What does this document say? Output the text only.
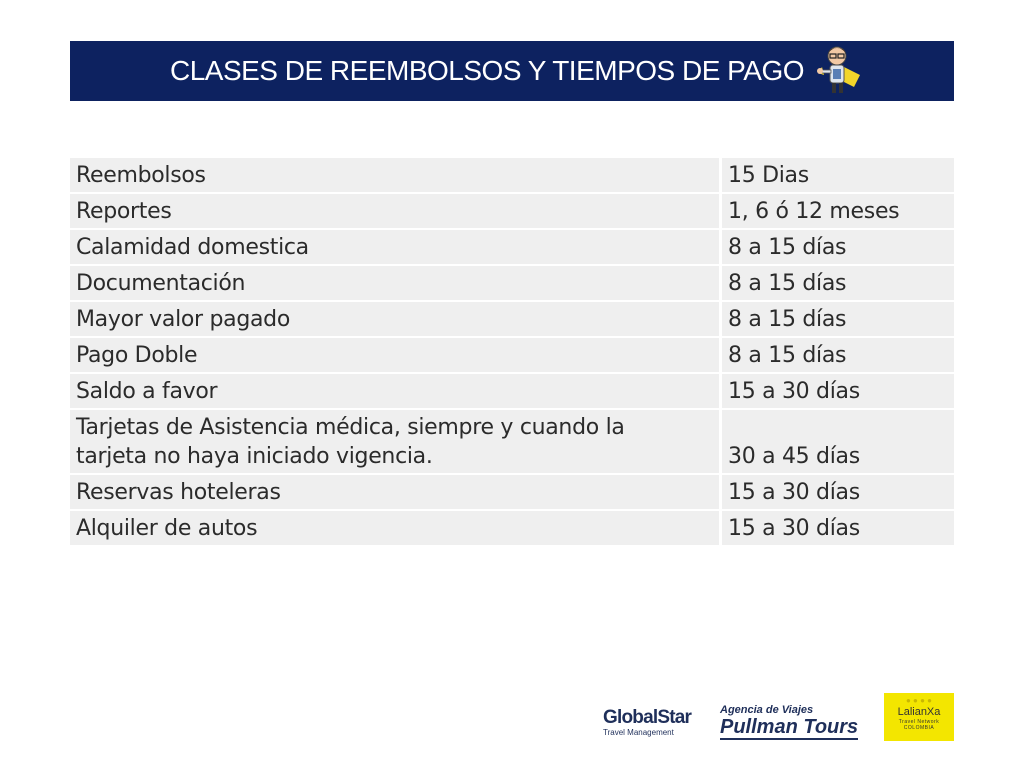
CLASES DE REEMBOLSOS Y TIEMPOS DE PAGO
Reembolsos	15 Dias
Reportes	1, 6 ó 12 meses
Calamidad domestica	8 a 15 días
Documentación	8 a 15 días
Mayor valor pagado	8 a 15 días
Pago Doble	8 a 15 días
Saldo a favor	15 a 30 días

Tarjetas de Asistencia médica, siempre y cuando la
tarjeta no haya iniciado vigencia.	30 a 45 días
Reservas hoteleras	15 a 30 días
Alquiler de autos	15 a 30 días
GlobalStar
Travel Management
Agencia de Viajes
Pullman Tours
● ● ● ●
LalianXa
Travel Network COLOMBIA
